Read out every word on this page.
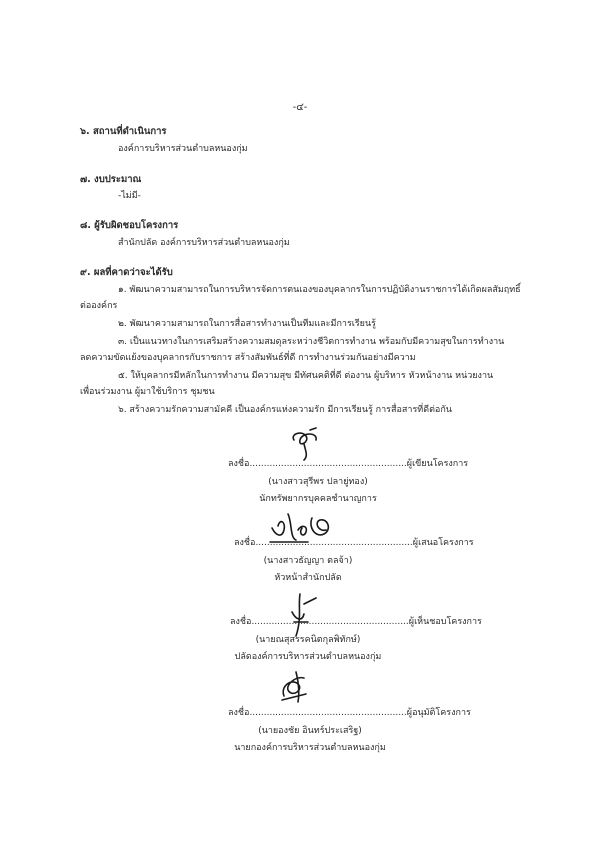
-๔-
๖. สถานที่ดำเนินการ
องค์การบริหารส่วนตำบลหนองกุ่ม
๗. งบประมาณ
-ไม่มี-
๘. ผู้รับผิดชอบโครงการ
สำนักปลัด องค์การบริหารส่วนตำบลหนองกุ่ม
๙. ผลที่คาดว่าจะได้รับ
๑. พัฒนาความสามารถในการบริหารจัดการตนเองของบุคลากรในการปฏิบัติงานราชการได้เกิดผลสัมฤทธิ์
ต่อองค์กร
๒. พัฒนาความสามารถในการสื่อสารทำงานเป็นทีมและมีการเรียนรู้
๓. เป็นแนวทางในการเสริมสร้างความสมดุลระหว่างชีวิตการทำงาน พร้อมกับมีความสุขในการทำงาน
ลดความขัดแย้งของบุคลากรกับราชการ สร้างสัมพันธ์ที่ดี การทำงานร่วมกันอย่างมีความ
๕. ให้บุคลากรมีหลักในการทำงาน มีความสุข มีทัศนคติที่ดี ต่องาน ผู้บริหาร หัวหน้างาน หน่วยงาน
เพื่อนร่วมงาน ผู้มาใช้บริการ ชุมชน
๖. สร้างความรักความสามัคคี เป็นองค์กรแห่งความรัก มีการเรียนรู้ การสื่อสารที่ดีต่อกัน
ลงชื่อ.......................................................ผู้เขียนโครงการ
(นางสาวสุรีพร ปลายู่ทอง)
นักทรัพยากรบุคคลชำนาญการ
ลงชื่อ.......................................................ผู้เสนอโครงการ
(นางสาวธัญญา ตลจ้า)
หัวหน้าสำนักปลัด
ลงชื่อ.......................................................ผู้เห็นชอบโครงการ
(นายณสุสรรคนิตกุลพิทักษ์)
ปลัดองค์การบริหารส่วนตำบลหนองกุ่ม
ลงชื่อ.......................................................ผู้อนุมัติโครงการ
(นายองชัย อินทร์ประเสริฐ)
นายกองค์การบริหารส่วนตำบลหนองกุ่ม
